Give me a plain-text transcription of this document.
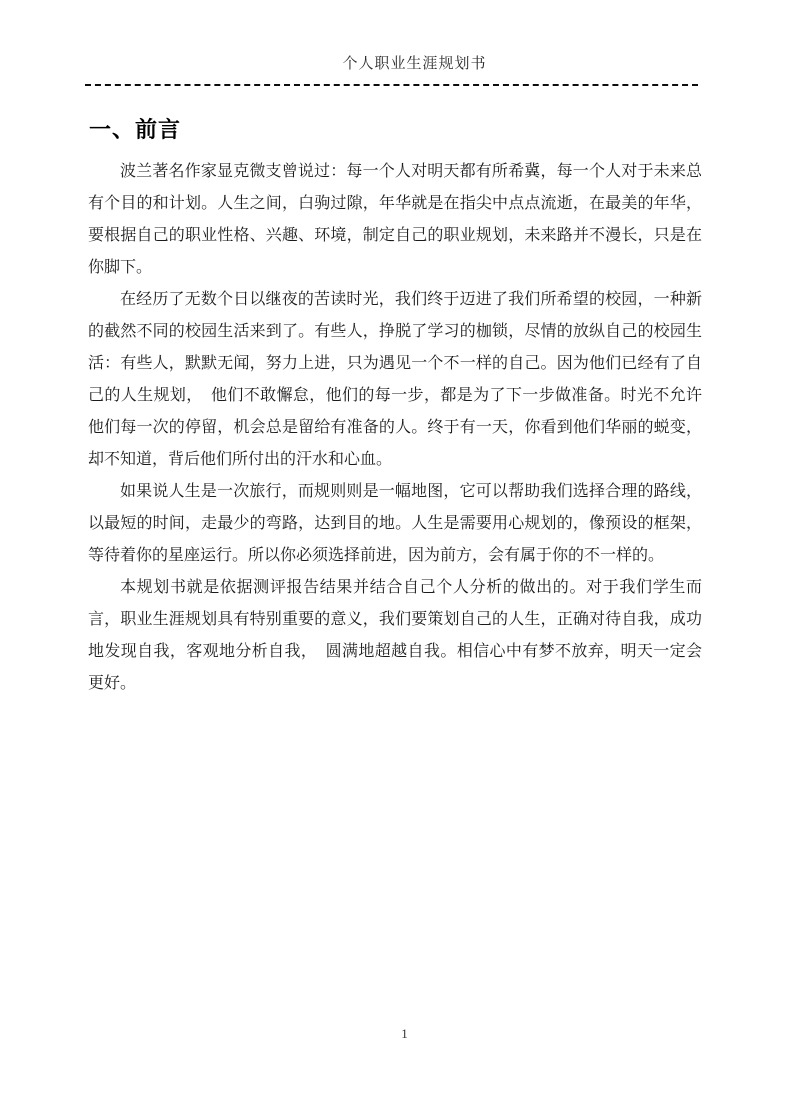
个人职业生涯规划书
一、前言

波兰著名作家显克微支曾说过：每一个人对明天都有所希冀，每一个人对于未来总有个目的和计划。人生之间，白驹过隙，年华就是在指尖中点点流逝，在最美的年华，要根据自己的职业性格、兴趣、环境，制定自己的职业规划，未来路并不漫长，只是在你脚下。

在经历了无数个日以继夜的苦读时光，我们终于迈进了我们所希望的校园，一种新的截然不同的校园生活来到了。有些人，挣脱了学习的枷锁，尽情的放纵自己的校园生活：有些人，默默无闻，努力上进，只为遇见一个不一样的自己。因为他们已经有了自己的人生规划，　他们不敢懈怠，他们的每一步，都是为了下一步做准备。时光不允许他们每一次的停留，机会总是留给有准备的人。终于有一天，你看到他们华丽的蜕变，却不知道，背后他们所付出的汗水和心血。

如果说人生是一次旅行，而规则则是一幅地图，它可以帮助我们选择合理的路线，以最短的时间，走最少的弯路，达到目的地。人生是需要用心规划的，像预设的框架，等待着你的星座运行。所以你必须选择前进，因为前方，会有属于你的不一样的。

本规划书就是依据测评报告结果并结合自己个人分析的做出的。对于我们学生而言，职业生涯规划具有特别重要的意义，我们要策划自己的人生，正确对待自我，成功地发现自我，客观地分析自我，　圆满地超越自我。相信心中有梦不放弃，明天一定会更好。

1
